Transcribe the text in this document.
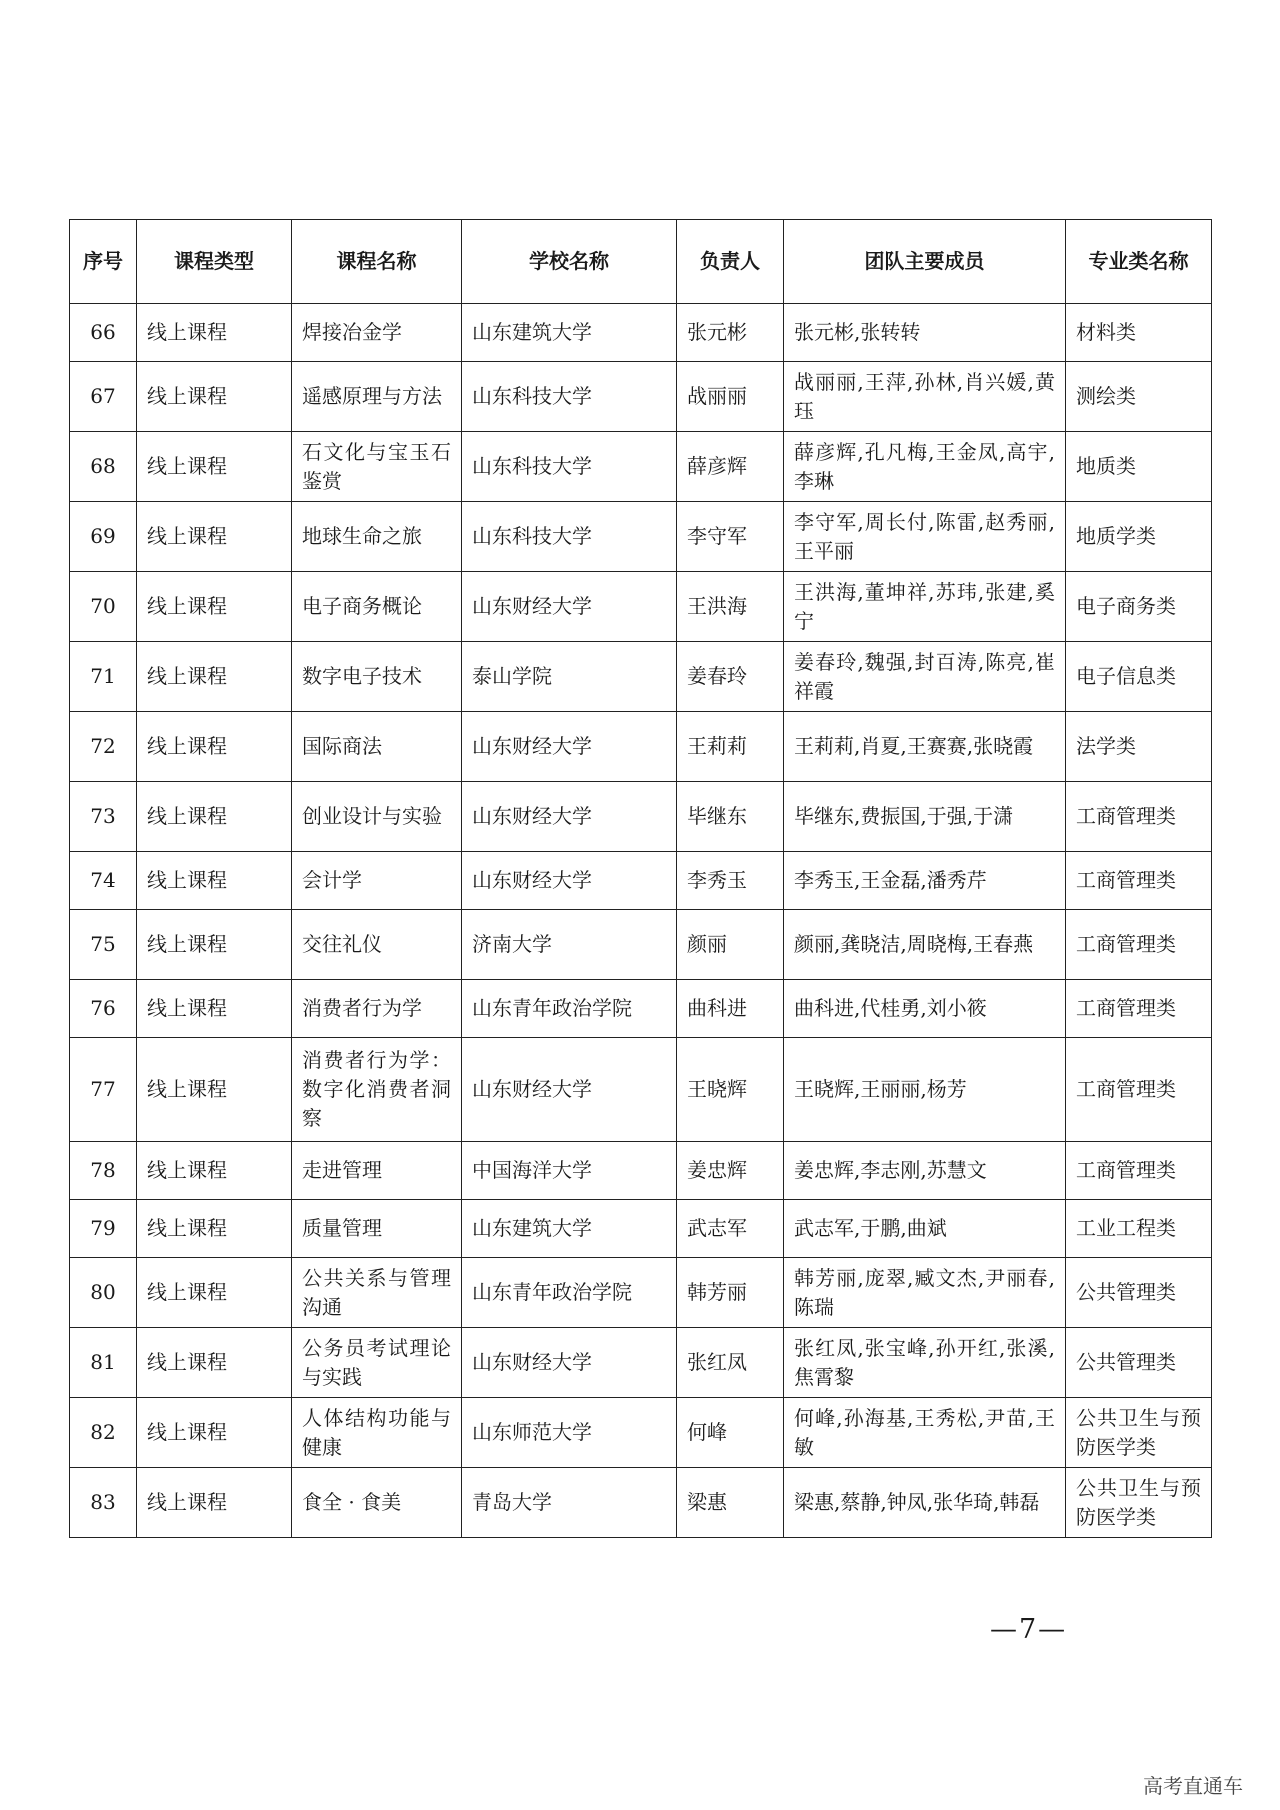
序号	课程类型	课程名称	学校名称	负责人	团队主要成员	专业类名称
66	线上课程	焊接冶金学	山东建筑大学	张元彬	张元彬,张转转	材料类
67	线上课程	遥感原理与方法	山东科技大学	战丽丽	战丽丽,王萍,孙林,肖兴媛,黄珏	测绘类
68	线上课程	石文化与宝玉石鉴赏	山东科技大学	薛彦辉	薛彦辉,孔凡梅,王金凤,高宇,李琳	地质类
69	线上课程	地球生命之旅	山东科技大学	李守军	李守军,周长付,陈雷,赵秀丽,王平丽	地质学类
70	线上课程	电子商务概论	山东财经大学	王洪海	王洪海,董坤祥,苏玮,张建,奚宁	电子商务类
71	线上课程	数字电子技术	泰山学院	姜春玲	姜春玲,魏强,封百涛,陈亮,崔祥霞	电子信息类
72	线上课程	国际商法	山东财经大学	王莉莉	王莉莉,肖夏,王赛赛,张晓霞	法学类
73	线上课程	创业设计与实验	山东财经大学	毕继东	毕继东,费振国,于强,于潇	工商管理类
74	线上课程	会计学	山东财经大学	李秀玉	李秀玉,王金磊,潘秀芹	工商管理类
75	线上课程	交往礼仪	济南大学	颜丽	颜丽,龚晓洁,周晓梅,王春燕	工商管理类
76	线上课程	消费者行为学	山东青年政治学院	曲科进	曲科进,代桂勇,刘小筱	工商管理类
77	线上课程	消费者行为学：数字化消费者洞察	山东财经大学	王晓辉	王晓辉,王丽丽,杨芳	工商管理类
78	线上课程	走进管理	中国海洋大学	姜忠辉	姜忠辉,李志刚,苏慧文	工商管理类
79	线上课程	质量管理	山东建筑大学	武志军	武志军,于鹏,曲斌	工业工程类
80	线上课程	公共关系与管理沟通	山东青年政治学院	韩芳丽	韩芳丽,庞翠,臧文杰,尹丽春,陈瑞	公共管理类
81	线上课程	公务员考试理论与实践	山东财经大学	张红凤	张红凤,张宝峰,孙开红,张溪,焦霄黎	公共管理类
82	线上课程	人体结构功能与健康	山东师范大学	何峰	何峰,孙海基,王秀松,尹苗,王敏	公共卫生与预防医学类
83	线上课程	食全 · 食美	青岛大学	梁惠	梁惠,蔡静,钟凤,张华琦,韩磊	公共卫生与预防医学类
—7—
高考直通车
